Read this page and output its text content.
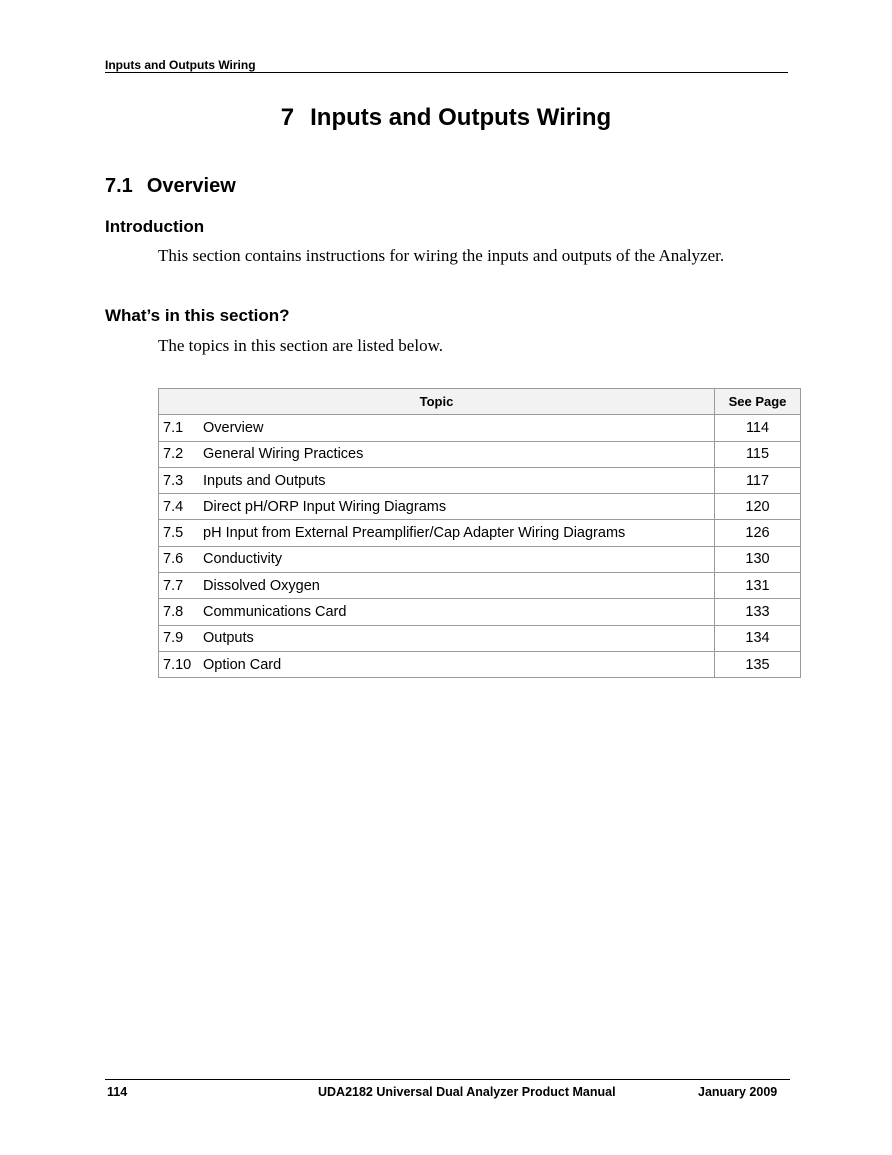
Inputs and Outputs Wiring
7 Inputs and Outputs Wiring
7.1 Overview
Introduction
This section contains instructions for wiring the inputs and outputs of the Analyzer.
What’s in this section?
The topics in this section are listed below.
Topic	See Page
7.1 Overview	114
7.2 General Wiring Practices	115
7.3 Inputs and Outputs	117
7.4 Direct pH/ORP Input Wiring Diagrams	120
7.5 pH Input from External Preamplifier/Cap Adapter Wiring Diagrams	126
7.6 Conductivity	130
7.7 Dissolved Oxygen	131
7.8 Communications Card	133
7.9 Outputs	134
7.10 Option Card	135
114	UDA2182 Universal Dual Analyzer Product Manual	January 2009
